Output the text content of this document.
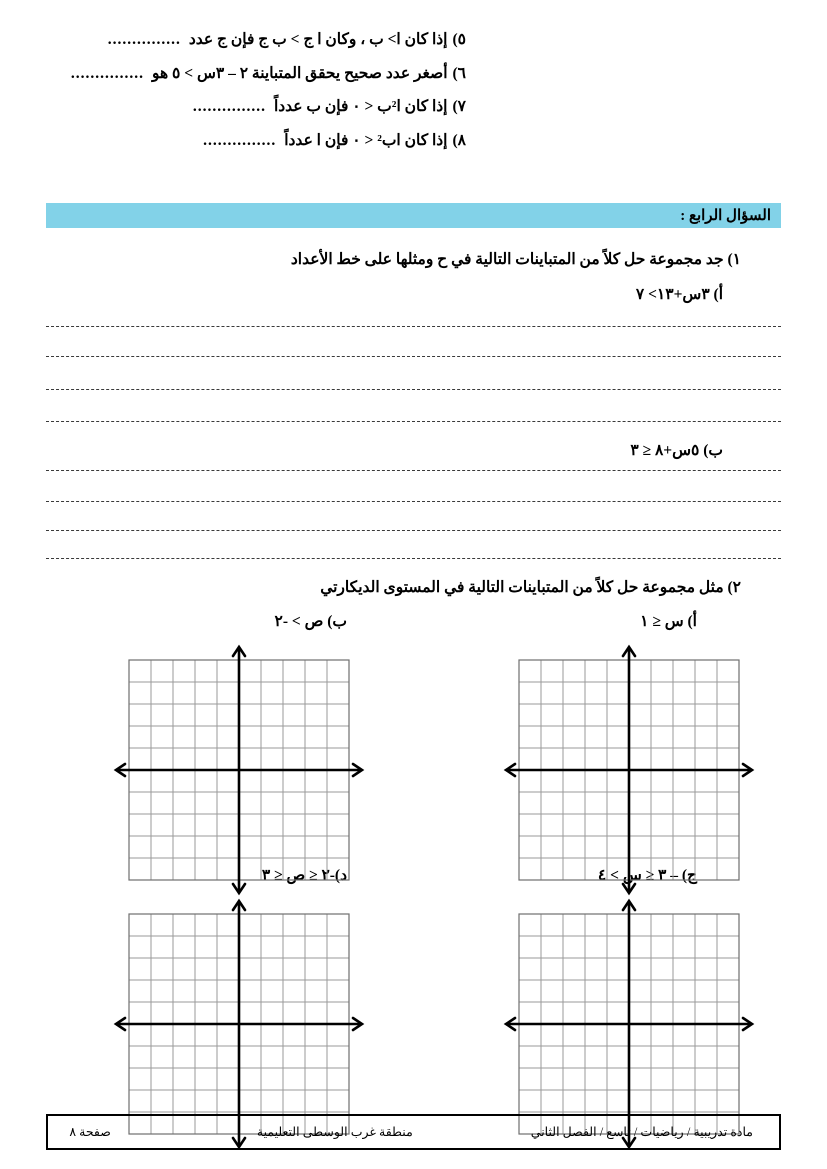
٥)
إذا كان ا> ب ، وكان ا ج > ب ج فإن ج عدد
...............
٦)
أصغر عدد صحيح يحقق المتباينة ٢ – ٣س > ٥ هو
...............
٧)
إذا كان ا²ب < ٠ فإن ب عدداً
...............
٨)
إذا كان اب² < ٠ فإن ا عدداً
...............
السؤال الرابع :
١) جد مجموعة حل كلاً من المتباينات التالية في ح ومثلها على خط الأعداد
أ) ٣س+١٣> ٧
ب) ٥س+٨ ≤ ٣
٢) مثل مجموعة حل كلاً من المتباينات التالية في المستوى الديكارتي
أ) س ≤ ١
ب) ص > -٢
ج) – ٣ ≤ س > ٤
د)-٢ ≤ ص ≤ ٣
مادة تدريبية / رياضيات / تاسع / الفصل الثاني
منطقة غرب الوسطى التعليمية
صفحة ٨
